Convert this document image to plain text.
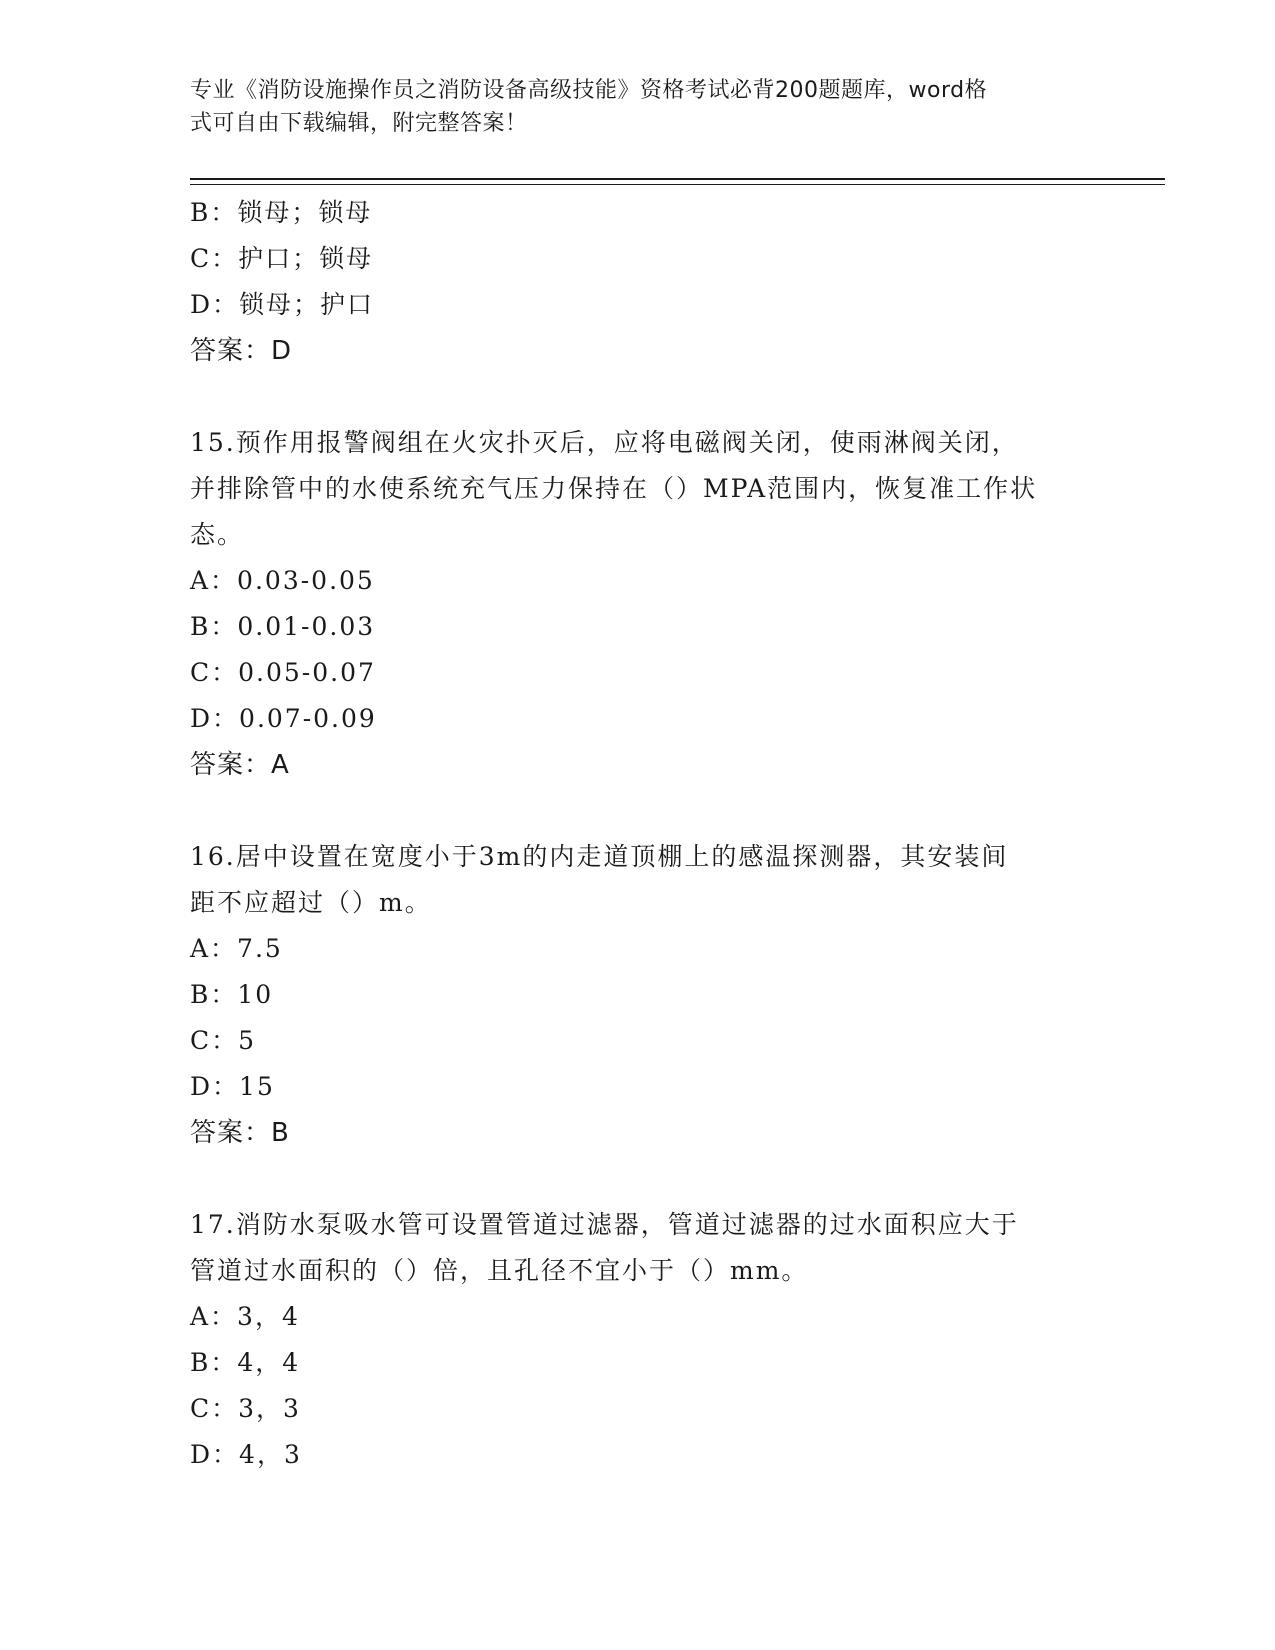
专业《消防设施操作员之消防设备高级技能》资格考试必背200题题库，word格
式可自由下载编辑，附完整答案！
B：锁母；锁母
C：护口；锁母
D：锁母；护口
答案：D
15.预作用报警阀组在火灾扑灭后，应将电磁阀关闭，使雨淋阀关闭，
并排除管中的水使系统充气压力保持在（）MPA范围内，恢复准工作状
态。
A：0.03-0.05
B：0.01-0.03
C：0.05-0.07
D：0.07-0.09
答案：A
16.居中设置在宽度小于3m的内走道顶棚上的感温探测器，其安装间
距不应超过（）m。
A：7.5
B：10
C：5
D：15
答案：B
17.消防水泵吸水管可设置管道过滤器，管道过滤器的过水面积应大于
管道过水面积的（）倍，且孔径不宜小于（）mm。
A：3，4
B：4，4
C：3，3
D：4，3
